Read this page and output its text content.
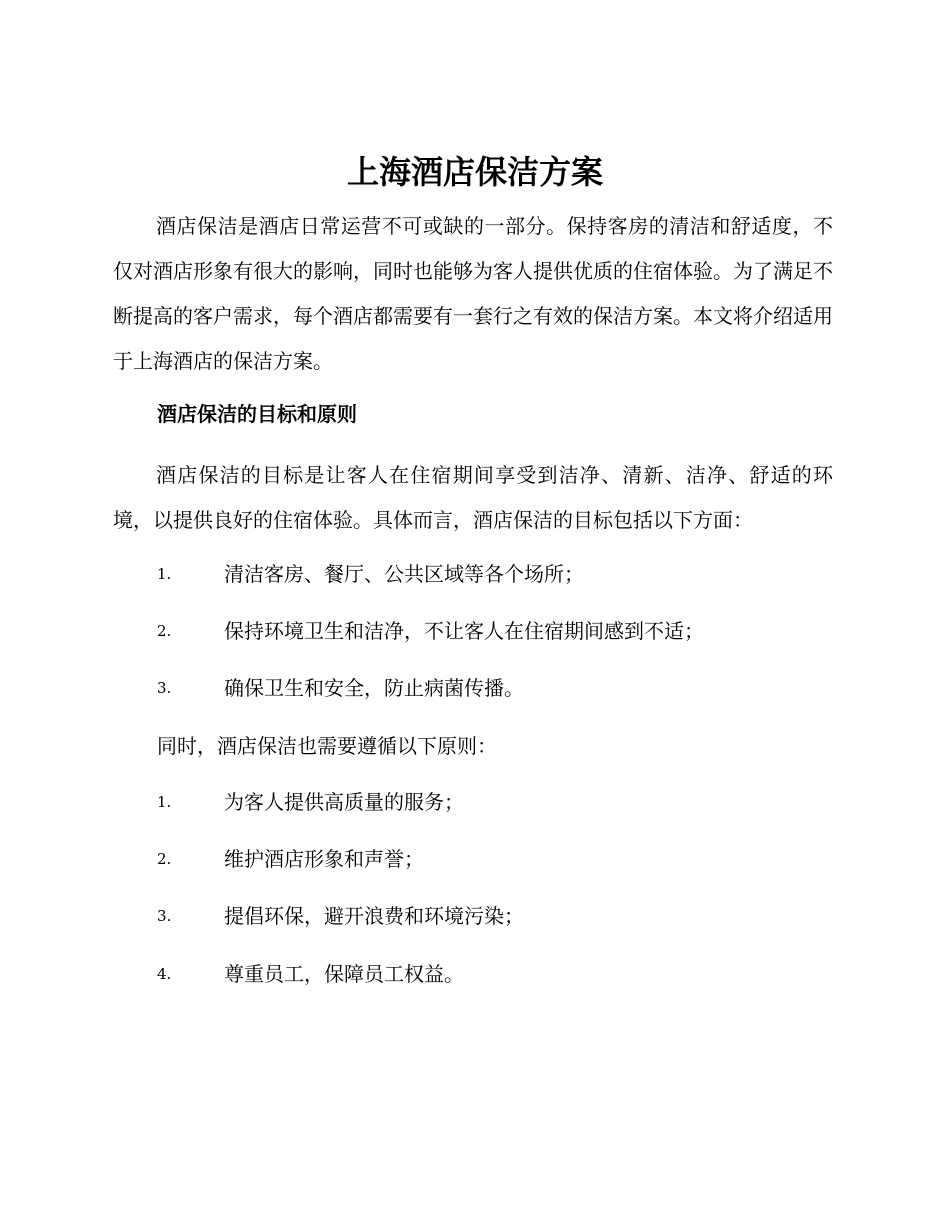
上海酒店保洁方案

酒店保洁是酒店日常运营不可或缺的一部分。保持客房的清洁和舒适度，不仅对酒店形象有很大的影响，同时也能够为客人提供优质的住宿体验。为了满足不断提高的客户需求，每个酒店都需要有一套行之有效的保洁方案。本文将介绍适用于上海酒店的保洁方案。

酒店保洁的目标和原则

酒店保洁的目标是让客人在住宿期间享受到洁净、清新、洁净、舒适的环境，以提供良好的住宿体验。具体而言，酒店保洁的目标包括以下方面：

1.	清洁客房、餐厅、公共区域等各个场所；
2.	保持环境卫生和洁净，不让客人在住宿期间感到不适；
3.	确保卫生和安全，防止病菌传播。

同时，酒店保洁也需要遵循以下原则：

1.	为客人提供高质量的服务；
2.	维护酒店形象和声誉；
3.	提倡环保，避开浪费和环境污染；
4.	尊重员工，保障员工权益。
